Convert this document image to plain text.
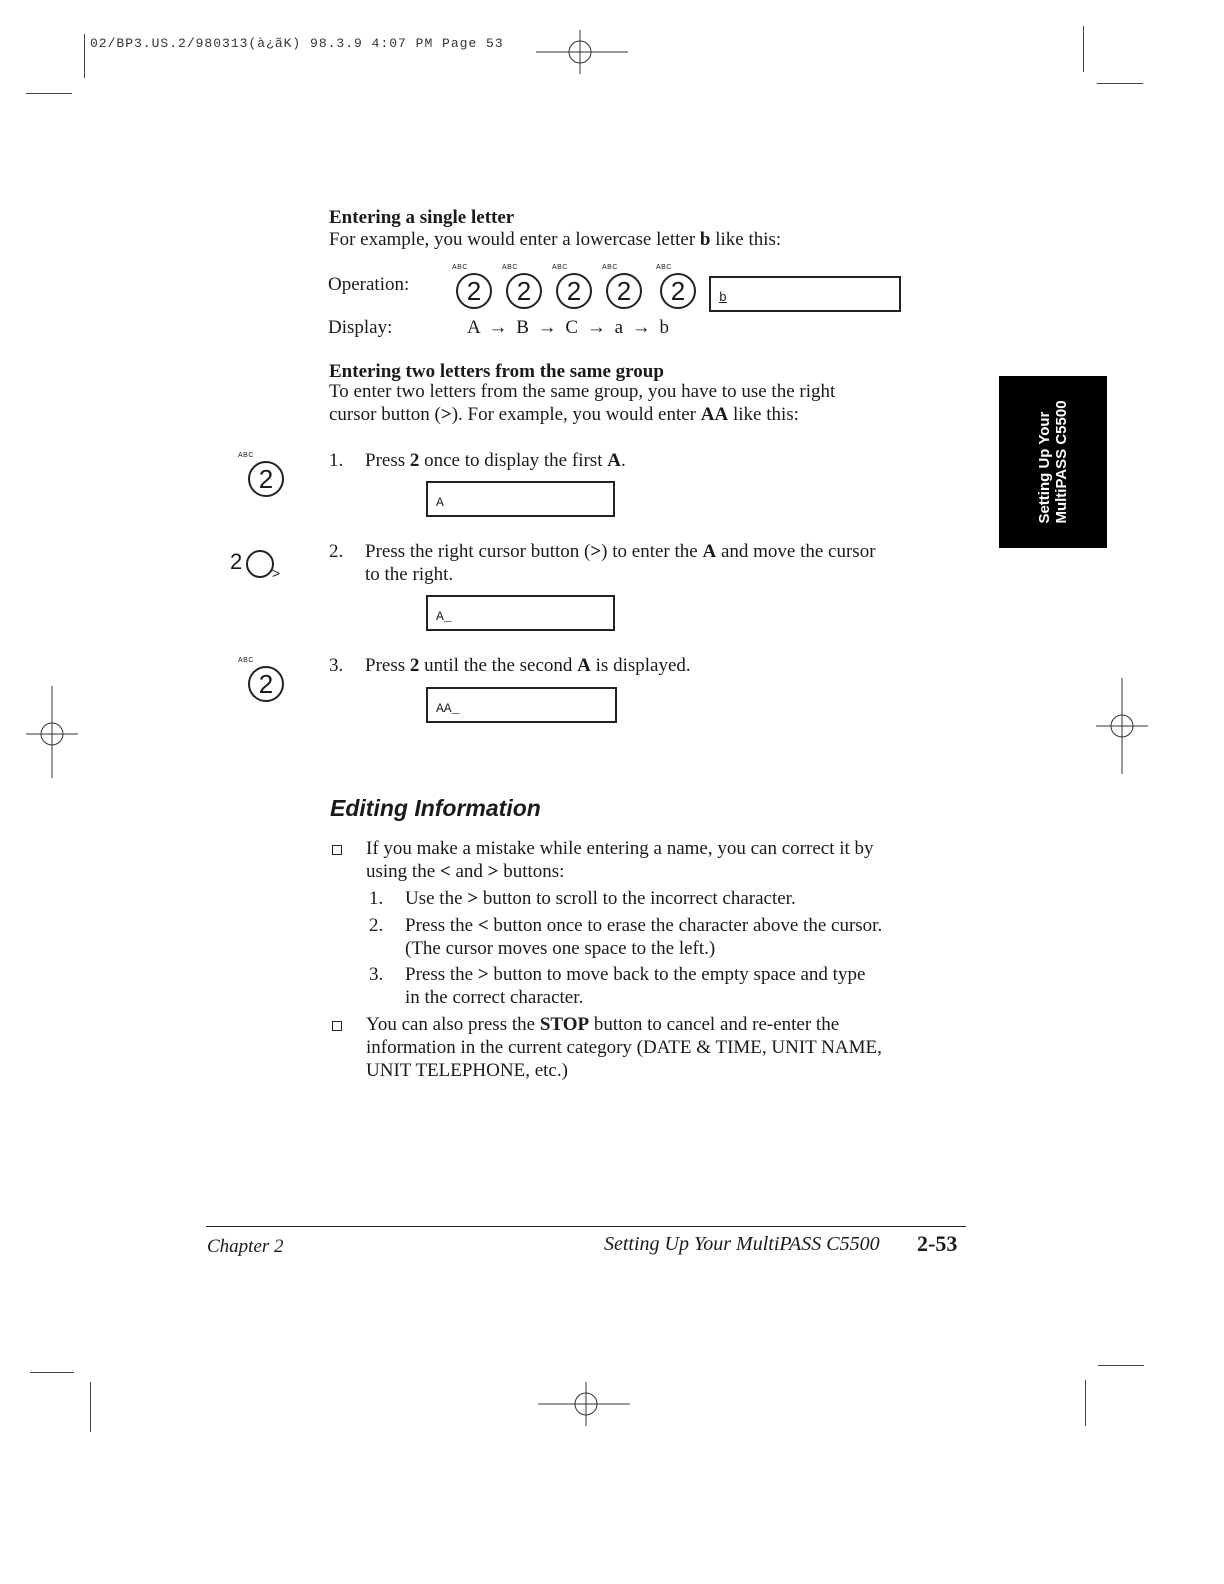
02/BP3.US.2/980313(à¿ãK) 98.3.9 4:07 PM Page 53
Entering a single letter
For example, you would enter a lowercase letter b like this:
Operation:
ABC
2
ABC
2
ABC
2
ABC
2
ABC
2	b
Display:	A → B → C → a → b
Entering two letters from the same group
To enter two letters from the same group, you have to use the right
cursor button (>). For example, you would enter AA like this:
ABC
2
1. Press 2 once to display the first A.
A
2 >
2. Press the right cursor button (>) to enter the A and move the cursor
to the right.
A_
ABC
2
3. Press 2 until the the second A is displayed.
AA_
Setting Up Your MultiPASS C5500
Editing Information
If you make a mistake while entering a name, you can correct it by
using the < and > buttons:
1. Use the > button to scroll to the incorrect character.
2. Press the < button once to erase the character above the cursor.
(The cursor moves one space to the left.)
3. Press the > button to move back to the empty space and type
in the correct character.
You can also press the STOP button to cancel and re-enter the
information in the current category (DATE & TIME, UNIT NAME,
UNIT TELEPHONE, etc.)
Chapter 2	Setting Up Your MultiPASS C5500 2-53
